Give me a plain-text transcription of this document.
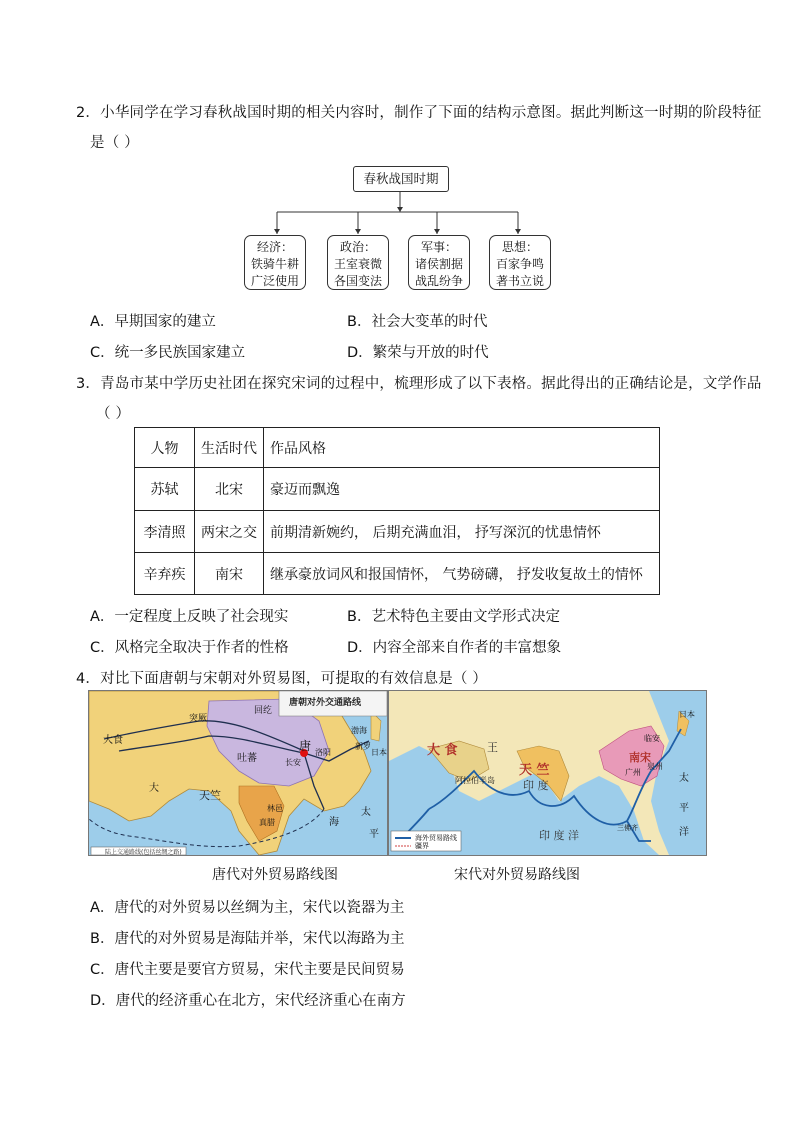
2．小华同学在学习春秋战国时期的相关内容时，制作了下面的结构示意图。据此判断这一时期的阶段特征
是（ ）
春秋战国时期
经济：
铁骑牛耕
广泛使用
政治：
王室衰微
各国变法
军事：
诸侯割据
战乱纷争
思想：
百家争鸣
著书立说
A．早期国家的建立	B．社会大变革的时代
C．统一多民族国家建立	D．繁荣与开放的时代
3．青岛市某中学历史社团在探究宋词的过程中，梳理形成了以下表格。据此得出的正确结论是，文学作品
（ ）
人物	生活时代	作品风格
苏轼	北宋	豪迈而飘逸
李清照	两宋之交	前期清新婉约， 后期充满血泪， 抒写深沉的忧患情怀
辛弃疾	南宋	继承豪放词风和报国情怀， 气势磅礴， 抒发收复故土的情怀
A．一定程度上反映了社会现实	B．艺术特色主要由文学形式决定
C．风格完全取决于作者的性格	D．内容全部来自作者的丰富想象
4．对比下面唐朝与宋朝对外贸易图，可提取的有效信息是（ ）
唐朝对外交通路线
唐
长安
洛阳
吐蕃
天竺
大食
突厥
回纥
渤海
新罗
日本
林邑
真腊
大
太
平
海
陆上交通路线(包括丝绸之路)
大 食	王
天 竺
印 度
南宋
临安
广州
泉州
阿拉伯半岛
印 度 洋
太
平
洋
日本
三佛齐
海外贸易路线
疆界
唐代对外贸易路线图	宋代对外贸易路线图
A．唐代的对外贸易以丝绸为主，宋代以瓷器为主
B．唐代的对外贸易是海陆并举，宋代以海路为主
C．唐代主要是要官方贸易，宋代主要是民间贸易
D．唐代的经济重心在北方，宋代经济重心在南方
